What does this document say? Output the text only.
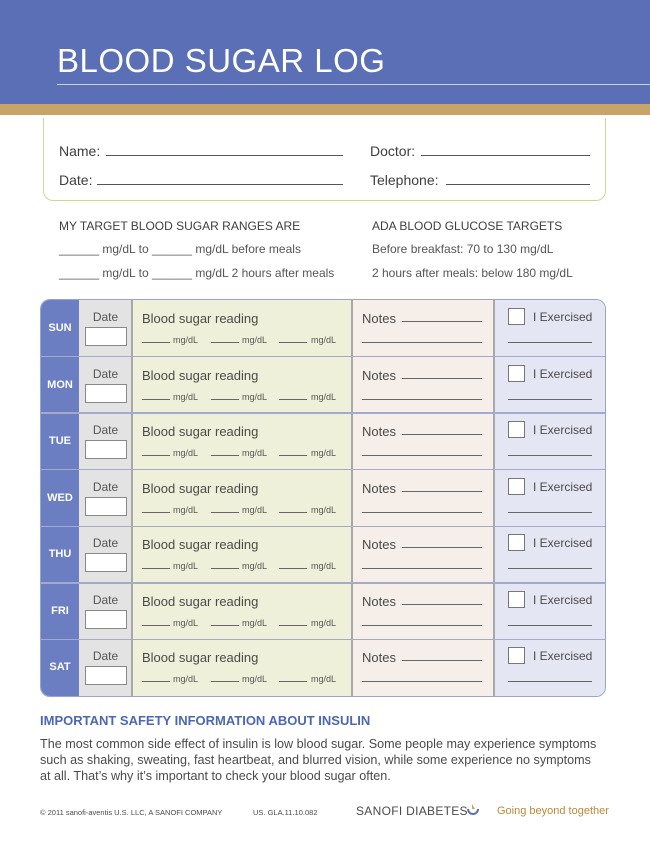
BLOOD SUGAR LOG
Name:	Doctor:
Date:	Telephone:
MY TARGET BLOOD SUGAR RANGES ARE
______ mg/dL to ______ mg/dL before meals
______ mg/dL to ______ mg/dL 2 hours after meals
ADA BLOOD GLUCOSE TARGETS
Before breakfast: 70 to 130 mg/dL
2 hours after meals: below 180 mg/dL
SUN
Date	Blood sugar reading
mg/dL	mg/dL	mg/dL
Notes	I Exercised
MON
Date	Blood sugar reading
mg/dL	mg/dL	mg/dL
Notes	I Exercised
TUE
Date	Blood sugar reading
mg/dL	mg/dL	mg/dL
Notes	I Exercised
WED
Date	Blood sugar reading
mg/dL	mg/dL	mg/dL
Notes	I Exercised
THU
Date	Blood sugar reading
mg/dL	mg/dL	mg/dL
Notes	I Exercised
FRI
Date	Blood sugar reading
mg/dL	mg/dL	mg/dL
Notes	I Exercised
SAT
Date	Blood sugar reading
mg/dL	mg/dL	mg/dL
Notes	I Exercised
IMPORTANT SAFETY INFORMATION ABOUT INSULIN
The most common side effect of insulin is low blood sugar. Some people may experience symptoms such as shaking, sweating, fast heartbeat, and blurred vision, while some experience no symptoms at all. That’s why it’s important to check your blood sugar often.
© 2011 sanofi-aventis U.S. LLC, A SANOFI COMPANY	US. GLA.11.10.082	SANOFI DIABETES	Going beyond together
